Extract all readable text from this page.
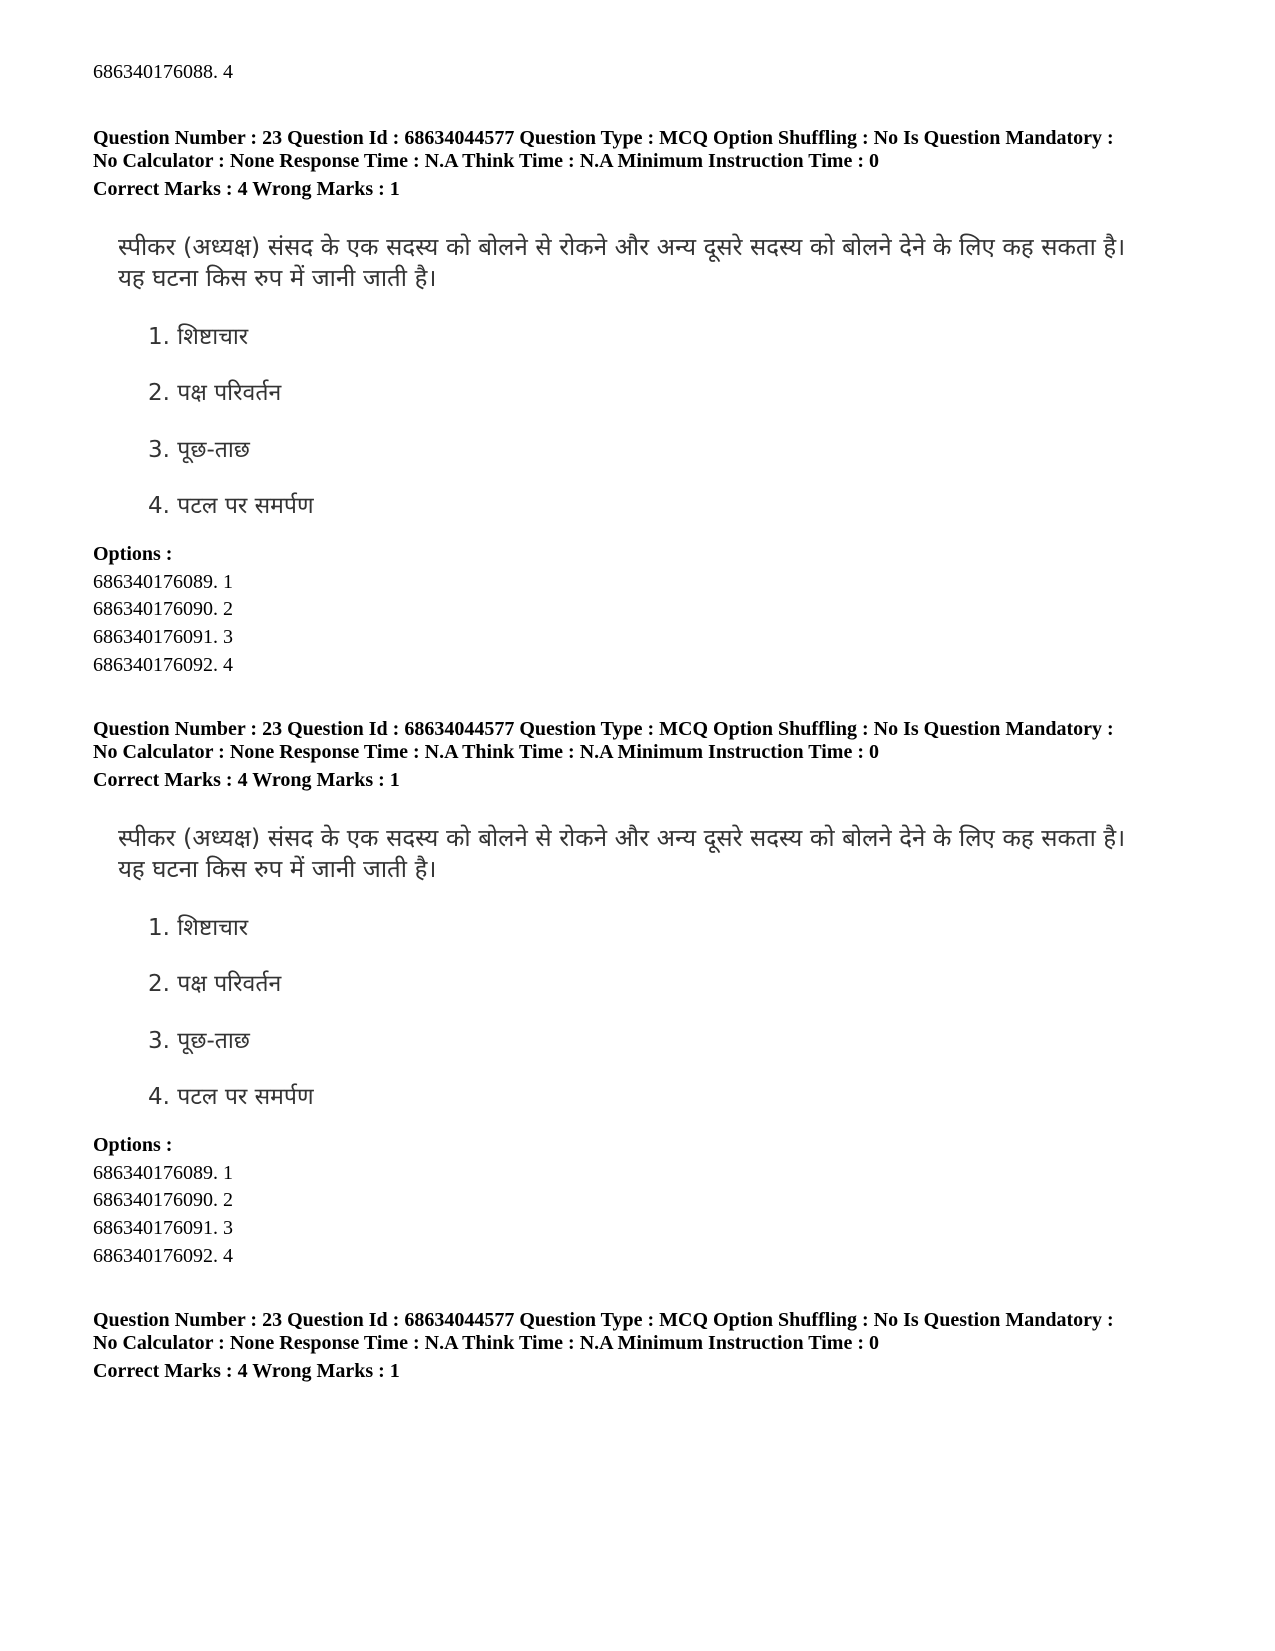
686340176088. 4
Question Number : 23 Question Id : 68634044577 Question Type : MCQ Option Shuffling : No Is Question Mandatory :
No Calculator : None Response Time : N.A Think Time : N.A Minimum Instruction Time : 0
Correct Marks : 4 Wrong Marks : 1
स्पीकर (अध्यक्ष) संसद के एक सदस्य को बोलने से रोकने और अन्य दूसरे सदस्य को बोलने देने के लिए कह सकता है।
यह घटना किस रुप में जानी जाती है।
1. शिष्टाचार
2. पक्ष परिवर्तन
3. पूछ-ताछ
4. पटल पर समर्पण
Options :
686340176089. 1
686340176090. 2
686340176091. 3
686340176092. 4
Question Number : 23 Question Id : 68634044577 Question Type : MCQ Option Shuffling : No Is Question Mandatory :
No Calculator : None Response Time : N.A Think Time : N.A Minimum Instruction Time : 0
Correct Marks : 4 Wrong Marks : 1
स्पीकर (अध्यक्ष) संसद के एक सदस्य को बोलने से रोकने और अन्य दूसरे सदस्य को बोलने देने के लिए कह सकता है।
यह घटना किस रुप में जानी जाती है।
1. शिष्टाचार
2. पक्ष परिवर्तन
3. पूछ-ताछ
4. पटल पर समर्पण
Options :
686340176089. 1
686340176090. 2
686340176091. 3
686340176092. 4
Question Number : 23 Question Id : 68634044577 Question Type : MCQ Option Shuffling : No Is Question Mandatory :
No Calculator : None Response Time : N.A Think Time : N.A Minimum Instruction Time : 0
Correct Marks : 4 Wrong Marks : 1
